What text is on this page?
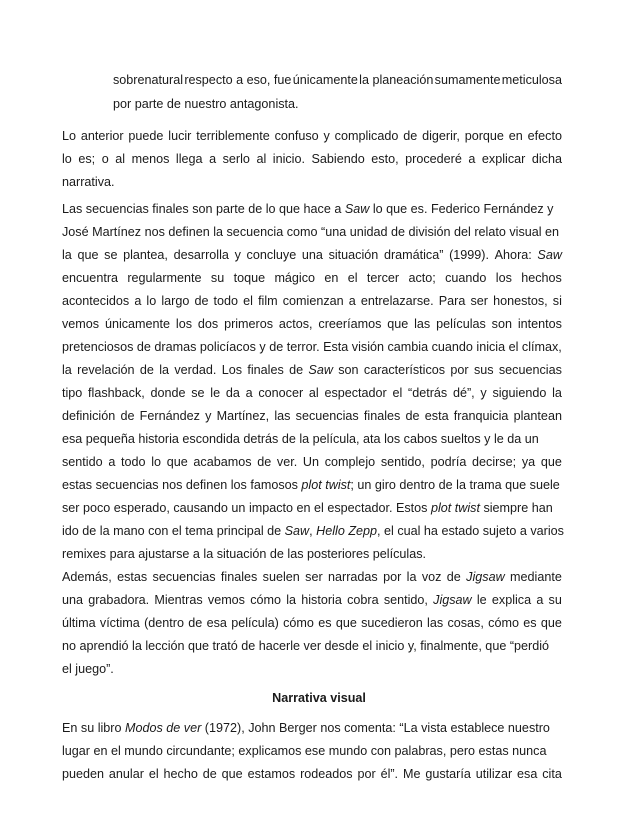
sobrenatural respecto a eso, fue únicamente la planeación sumamente meticulosa
por parte de nuestro antagonista.
Lo anterior puede lucir terriblemente confuso y complicado de digerir, porque en efecto
lo es; o al menos llega a serlo al inicio. Sabiendo esto, procederé a explicar dicha
narrativa.
Las secuencias finales son parte de lo que hace a Saw lo que es. Federico Fernández y
José Martínez nos definen la secuencia como “una unidad de división del relato visual en
la que se plantea, desarrolla y concluye una situación dramática” (1999). Ahora: Saw
encuentra regularmente su toque mágico en el tercer acto; cuando los hechos
acontecidos a lo largo de todo el film comienzan a entrelazarse. Para ser honestos, si
vemos únicamente los dos primeros actos, creeríamos que las películas son intentos
pretenciosos de dramas policíacos y de terror. Esta visión cambia cuando inicia el clímax,
la revelación de la verdad. Los finales de Saw son característicos por sus secuencias
tipo flashback, donde se le da a conocer al espectador el “detrás dé”, y siguiendo la
definición de Fernández y Martínez, las secuencias finales de esta franquicia plantean
esa pequeña historia escondida detrás de la película, ata los cabos sueltos y le da un
sentido a todo lo que acabamos de ver. Un complejo sentido, podría decirse; ya que
estas secuencias nos definen los famosos plot twist; un giro dentro de la trama que suele
ser poco esperado, causando un impacto en el espectador. Estos plot twist siempre han
ido de la mano con el tema principal de Saw, Hello Zepp, el cual ha estado sujeto a varios
remixes para ajustarse a la situación de las posteriores películas.
Además, estas secuencias finales suelen ser narradas por la voz de Jigsaw mediante
una grabadora. Mientras vemos cómo la historia cobra sentido, Jigsaw le explica a su
última víctima (dentro de esa película) cómo es que sucedieron las cosas, cómo es que
no aprendió la lección que trató de hacerle ver desde el inicio y, finalmente, que “perdió
el juego”.
Narrativa visual
En su libro Modos de ver (1972), John Berger nos comenta: “La vista establece nuestro
lugar en el mundo circundante; explicamos ese mundo con palabras, pero estas nunca
pueden anular el hecho de que estamos rodeados por él”. Me gustaría utilizar esa cita
